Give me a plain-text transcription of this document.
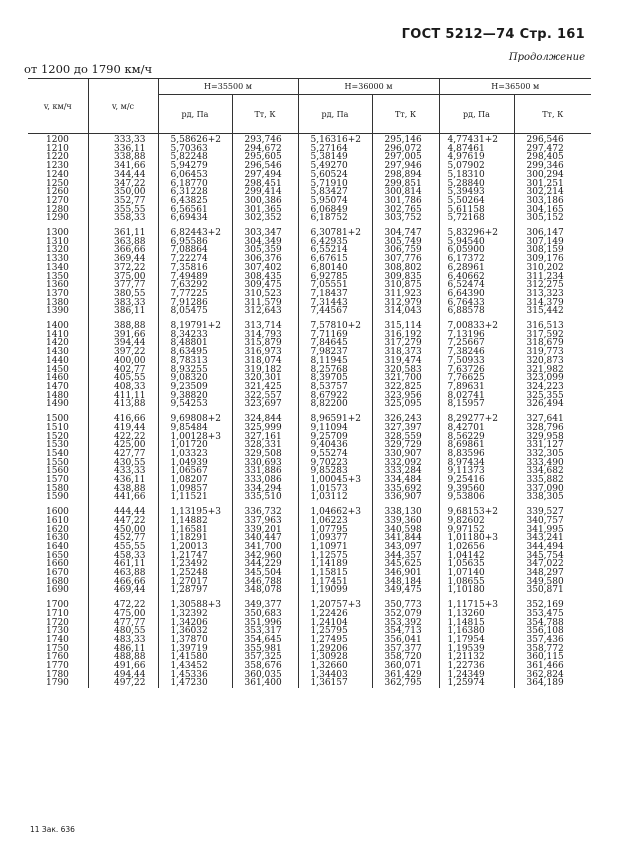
ГОСТ 5212—74 Стр. 161
Продолжение
от 1200 до 1790 км/ч
v, км/ч	v, м/с	H=35500 м		H=36000 м		H=36500 м	
		pд, Па	Tт, К	pд, Па	Tт, К	pд, Па	Tт, К
1200	333,33	5,58626+2	293,746	5,16316+2	295,146	4,77431+2	296,546
1210	336,11	5,70363	294,672	5,27164	296,072	4,87461	297,472
1220	338,88	5,82248	295,605	5,38149	297,005	4,97619	298,405
1230	341,66	5,94279	296,546	5,49270	297,946	5,07902	299,346
1240	344,44	6,06453	297,494	5,60524	298,894	5,18310	300,294
1250	347,22	6,18770	298,451	5,71910	299,851	5,28840	301,251
1260	350,00	6,31228	299,414	5,83427	300,814	5,39493	302,214
1270	352,77	6,43825	300,386	5,95074	301,786	5,50264	303,186
1280	355,55	6,56561	301,365	6,06849	302,765	5,61158	304,165
1290	358,33	6,69434	302,352	6,18752	303,752	5,72168	305,152

1300	361,11	6,82443+2	303,347	6,30781+2	304,747	5,83296+2	306,147
1310	363,88	6,95586	304,349	6,42935	305,749	5,94540	307,149
1320	366,66	7,08864	305,359	6,55214	306,759	6,05900	308,159
1330	369,44	7,22274	306,376	6,67615	307,776	6,17372	309,176
1340	372,22	7,35816	307,402	6,80140	308,802	6,28961	310,202
1350	375,00	7,49489	308,435	6,92785	309,835	6,40662	311,234
1360	377,77	7,63292	309,475	7,05551	310,875	6,52474	312,275
1370	380,55	7,77225	310,523	7,18437	311,923	6,64390	313,323
1380	383,33	7,91286	311,579	7,31443	312,979	6,76433	314,379
1390	386,11	8,05475	312,643	7,44567	314,043	6,88578	315,442

1400	388,88	8,19791+2	313,714	7,57810+2	315,114	7,00833+2	316,513
1410	391,66	8,34233	314,793	7,71169	316,192	7,13196	317,592
1420	394,44	8,48801	315,879	7,84645	317,279	7,25667	318,679
1430	397,22	8,63495	316,973	7,98237	318,373	7,38246	319,773
1440	400,00	8,78313	318,074	8,11945	319,474	7,50933	320,873
1450	402,77	8,93255	319,182	8,25768	320,583	7,63726	321,982
1460	405,55	9,08320	320,301	8,39705	321,700	7,76625	323,099
1470	408,33	9,23509	321,425	8,53757	322,825	7,89631	324,223
1480	411,11	9,38820	322,557	8,67922	323,956	8,02741	325,355
1490	413,88	9,54253	323,697	8,82200	325,095	8,15957	326,494

1500	416,66	9,69808+2	324,844	8,96591+2	326,243	8,29277+2	327,641
1510	419,44	9,85484	325,999	9,11094	327,397	8,42701	328,796
1520	422,22	1,00128+3	327,161	9,25709	328,559	8,56229	329,958
1530	425,00	1,01720	328,331	9,40436	329,729	8,69861	331,127
1540	427,77	1,03323	329,508	9,55274	330,907	8,83596	332,305
1550	430,55	1,04939	330,693	9,70223	332,092	8,97434	333,490
1560	433,33	1,06567	331,886	9,85283	333,284	9,11373	334,682
1570	436,11	1,08207	333,086	1,00045+3	334,484	9,25416	335,882
1580	438,88	1,09857	334,294	1,01573	335,692	9,39560	337,090
1590	441,66	1,11521	335,510	1,03112	336,907	9,53806	338,305

1600	444,44	1,13195+3	336,732	1,04662+3	338,130	9,68153+2	339,527
1610	447,22	1,14882	337,963	1,06223	339,360	9,82602	340,757
1620	450,00	1,16581	339,201	1,07795	340,598	9,97152	341,995
1630	452,77	1,18291	340,447	1,09377	341,844	1,01180+3	343,241
1640	455,55	1,20013	341,700	1,10971	343,097	1,02656	344,494
1650	458,33	1,21747	342,960	1,12575	344,357	1,04142	345,754
1660	461,11	1,23492	344,229	1,14189	345,625	1,05635	347,022
1670	463,88	1,25248	345,504	1,15815	346,901	1,07140	348,297
1680	466,66	1,27017	346,788	1,17451	348,184	1,08655	349,580
1690	469,44	1,28797	348,078	1,19099	349,475	1,10180	350,871

1700	472,22	1,30588+3	349,377	1,20757+3	350,773	1,11715+3	352,169
1710	475,00	1,32392	350,683	1,22426	352,079	1,13260	353,475
1720	477,77	1,34206	351,996	1,24104	353,392	1,14815	354,788
1730	480,55	1,36032	353,317	1,25795	354,713	1,16380	356,108
1740	483,33	1,37870	354,645	1,27495	356,041	1,17954	357,436
1750	486,11	1,39719	355,981	1,29206	357,377	1,19539	358,772
1760	488,88	1,41580	357,325	1,30928	358,720	1,21132	360,115
1770	491,66	1,43452	358,676	1,32660	360,071	1,22736	361,466
1780	494,44	1,45336	360,035	1,34403	361,429	1,24349	362,824
1790	497,22	1,47230	361,400	1,36157	362,795	1,25974	364,189
11 Зак. 636
